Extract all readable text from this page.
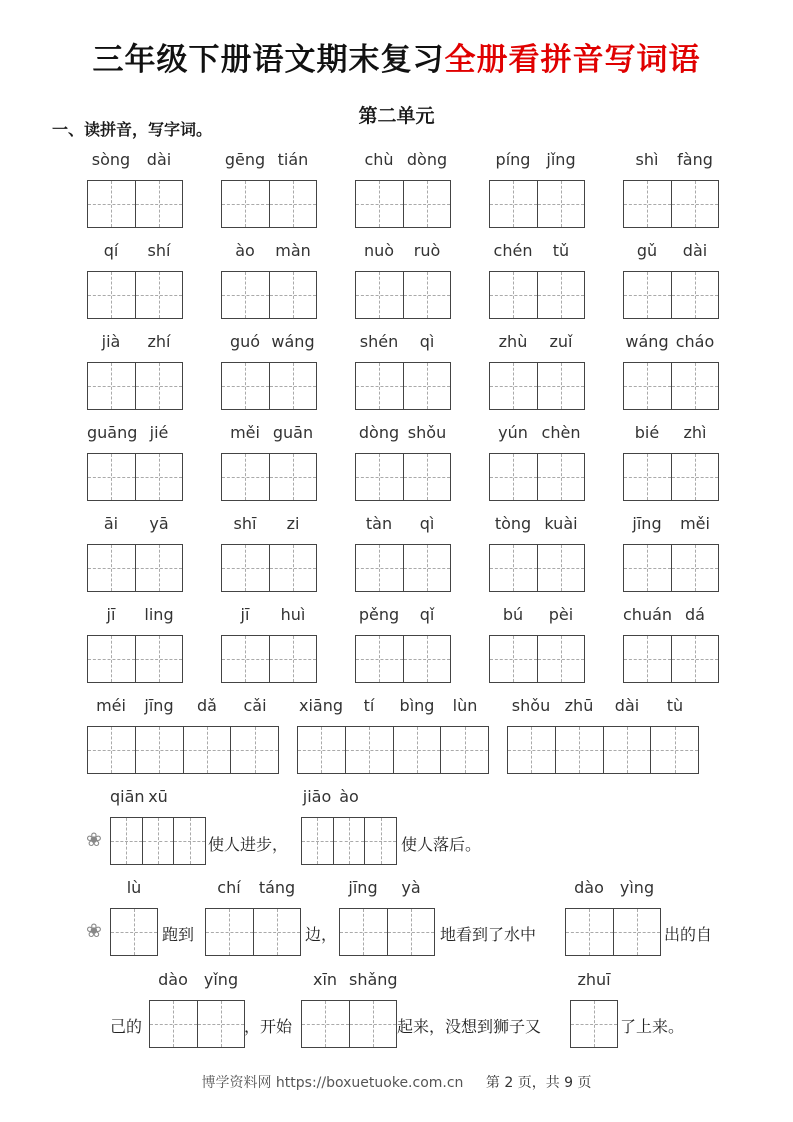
三年级下册语文期末复习全册看拼音写词语
一、读拼音，写字词。
第二单元
sòng	dài	gēng tián	chù dòng	píng jǐng	shì	fàng
qí	shí	ào	màn	nuò	ruò	chén	tǔ	gǔ	dài
jià	zhí	guó wáng	shén	qì	zhù	zuǐ	wáng cháo
guāng jié	měi guān	dòng shǒu	yún chèn	bié	zhì
āi	yā	shī	zi	tàn	qì	tòng kuài	jīng	měi
jī	ling	jī	huì	pěng	qǐ	bú	pèi	chuán dá
méi	jīng	dǎ	cǎi	xiāng	tí	bìng	lùn	shǒu zhū	dài	tù
qiān xū	jiāo ào
lù	chí	táng	jīng	yà	dào	yìng
dào	yǐng	xīn shǎng	zhuī
❀	使人进步，	使人落后。
❀	跑到	边，	地看到了水中	出的自
己的	，开始	起来，没想到狮子又	了上来。
博学资料网 https://boxuetuoke.com.cn 第 2 页，共 9 页
